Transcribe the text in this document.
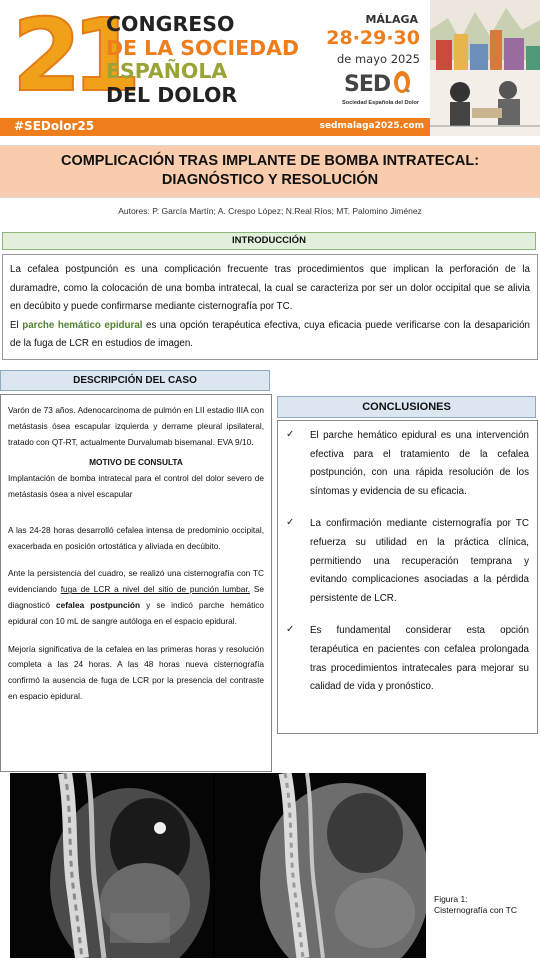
21
CONGRESO
DE LA SOCIEDAD
ESPAÑOLA
DEL DOLOR
MÁLAGA
28·29·30
de mayo 2025
SED *
Sociedad Española del Dolor
#SEDolor25	sedmalaga2025.com
COMPLICACIÓN TRAS IMPLANTE DE BOMBA INTRATECAL:
DIAGNÓSTICO Y RESOLUCIÓN
Autores: P. García Martín; A. Crespo López; N.Real Ríos; MT. Palomino Jiménez
INTRODUCCIÓN

La cefalea postpunción es una complicación frecuente tras procedimientos que implican la perforación de la duramadre, como la colocación de una bomba intratecal, la cual se caracteriza por ser un dolor occipital que se alivia en decúbito y puede confirmarse mediante cisternografía por TC.

El parche hemático epidural es una opción terapéutica efectiva, cuya eficacia puede verificarse con la desaparición de la fuga de LCR en estudios de imagen.

DESCRIPCIÓN DEL CASO

Varón de 73 años. Adenocarcinoma de pulmón en LII estadio IIIA con metástasis ósea escapular izquierda y derrame pleural ipsilateral, tratado con QT-RT, actualmente Durvalumab bisemanal. EVA 9/10.

MOTIVO DE CONSULTA

Implantación de bomba intratecal para el control del dolor severo de metástasis ósea a nivel escapular

A las 24-28 horas desarrolló cefalea intensa de predominio occipital, exacerbada en posición ortostática y aliviada en decúbito.

Ante la persistencia del cuadro, se realizó una cisternografía con TC evidenciando fuga de LCR a nivel del sitio de punción lumbar. Se diagnosticó cefalea postpunción y se indicó parche hemático epidural con 10 mL de sangre autóloga en el espacio epidural.

Mejoría significativa de la cefalea en las primeras horas y resolución completa a las 24 horas. A las 48 horas nueva cisternografía confirmó la ausencia de fuga de LCR por la presencia del contraste en espacio epidural.

CONCLUSIONES
✓ El parche hemático epidural es una intervención efectiva para el tratamiento de la cefalea postpunción, con una rápida resolución de los síntomas y evidencia de su eficacia.

✓ La confirmación mediante cisternografía por TC refuerza su utilidad en la práctica clínica, permitiendo una recuperación temprana y evitando complicaciones asociadas a la pérdida persistente de LCR.

✓ Es fundamental considerar esta opción terapéutica en pacientes con cefalea prolongada tras procedimientos intratecales para mejorar su calidad de vida y pronóstico.

Figura 1:
Cisternografía con TC
